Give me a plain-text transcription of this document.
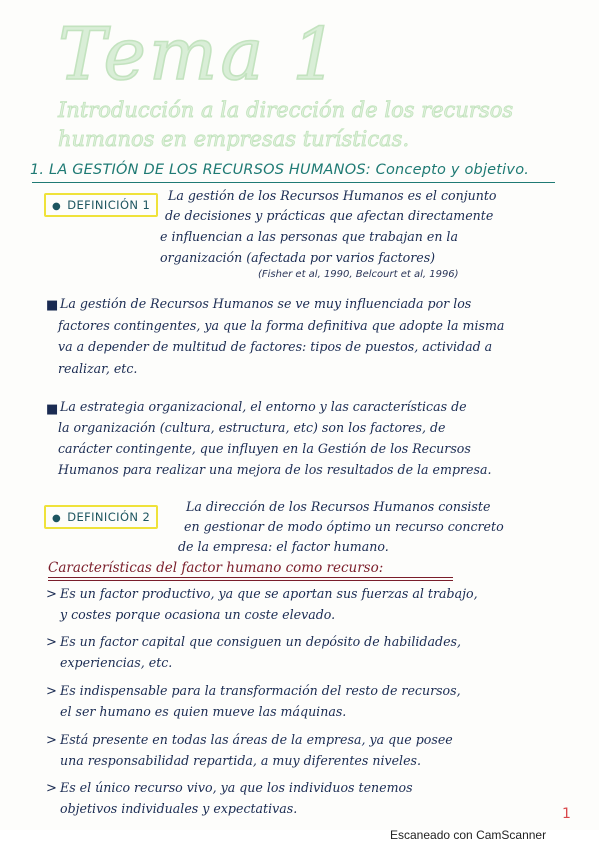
Tema 1
Introducción a la dirección de los recursos humanos en empresas turísticas.
1. LA GESTIÓN DE LOS RECURSOS HUMANOS: Concepto y objetivo.
● DEFINICIÓN 1
La gestión de los Recursos Humanos es el conjunto
de decisiones y prácticas que afectan directamente
e influencian a las personas que trabajan en la
organización (afectada por varios factores)
(Fisher et al, 1990, Belcourt et al, 1996)
■ La gestión de Recursos Humanos se ve muy influenciada por los
factores contingentes, ya que la forma definitiva que adopte la misma
va a depender de multitud de factores: tipos de puestos, actividad a
realizar, etc.
■ La estrategia organizacional, el entorno y las características de
la organización (cultura, estructura, etc) son los factores, de
carácter contingente, que influyen en la Gestión de los Recursos
Humanos para realizar una mejora de los resultados de la empresa.
● DEFINICIÓN 2
La dirección de los Recursos Humanos consiste
en gestionar de modo óptimo un recurso concreto
de la empresa: el factor humano.
Características del factor humano como recurso:
> Es un factor productivo, ya que se aportan sus fuerzas al trabajo,
y costes porque ocasiona un coste elevado.
> Es un factor capital que consiguen un depósito de habilidades,
experiencias, etc.
> Es indispensable para la transformación del resto de recursos,
el ser humano es quien mueve las máquinas.
> Está presente en todas las áreas de la empresa, ya que posee
una responsabilidad repartida, a muy diferentes niveles.
> Es el único recurso vivo, ya que los individuos tenemos
objetivos individuales y expectativas.	1
Escaneado con CamScanner
